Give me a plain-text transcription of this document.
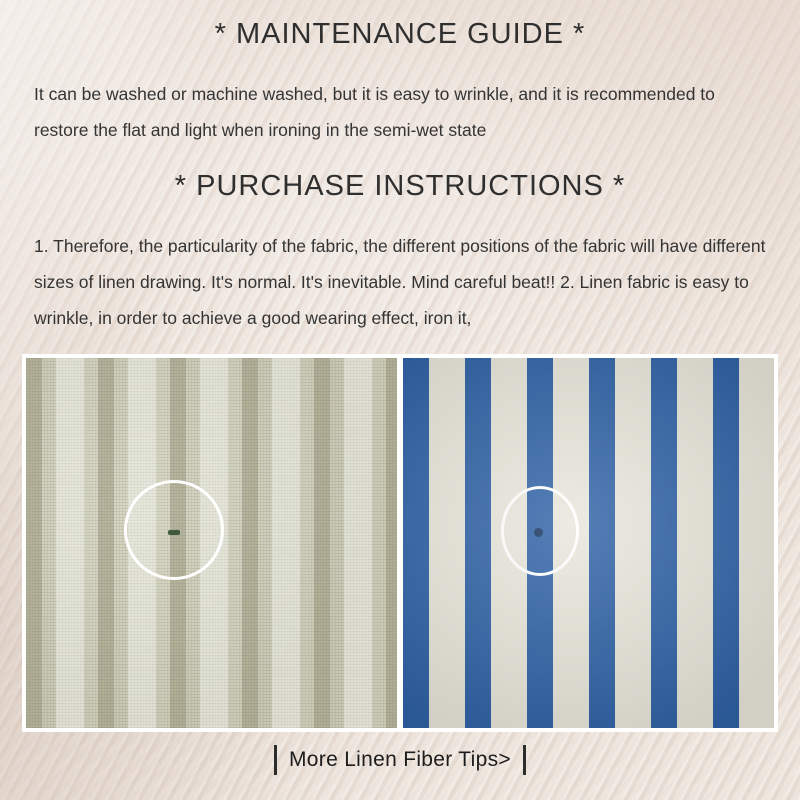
* MAINTENANCE GUIDE *
It can be washed or machine washed, but it is easy to wrinkle, and it is recommended to restore the flat and light when ironing in the semi-wet state
* PURCHASE INSTRUCTIONS *
1. Therefore, the particularity of the fabric, the different positions of the fabric will have different sizes of linen drawing. It's normal. It's inevitable. Mind careful beat!! 2. Linen fabric is easy to wrinkle, in order to achieve a good wearing effect, iron it,
More Linen Fiber Tips>
